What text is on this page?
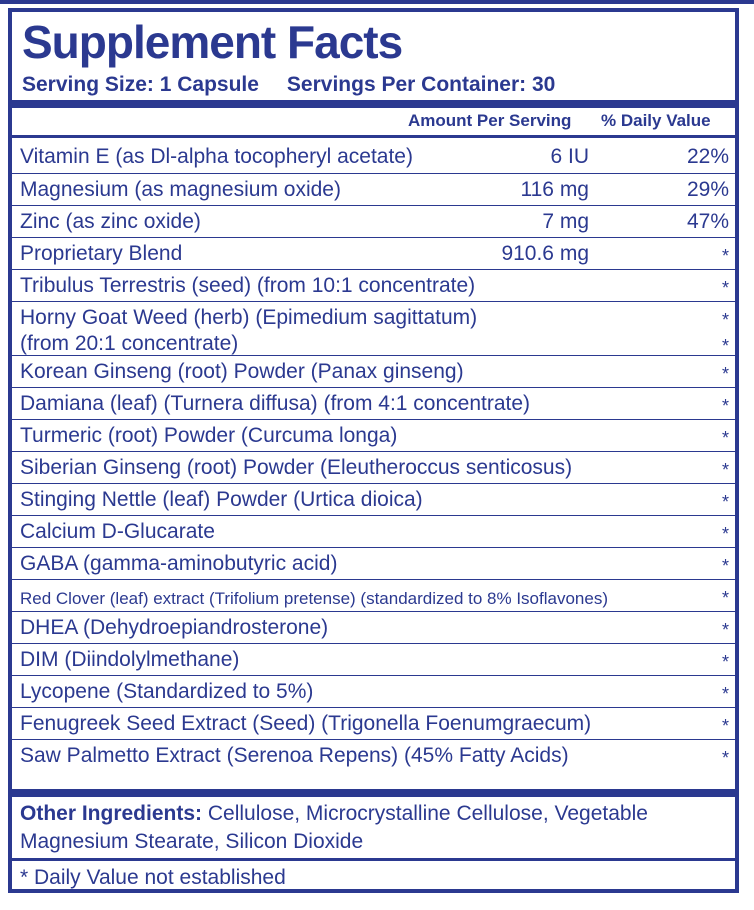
Supplement Facts
Serving Size: 1 Capsule Servings Per Container: 30
Amount Per Serving % Daily Value
Vitamin E (as Dl-alpha tocopheryl acetate)	6 IU	22%
Magnesium (as magnesium oxide)	116 mg	29%
Zinc (as zinc oxide)	7 mg	47%
Proprietary Blend	910.6 mg	*
Tribulus Terrestris (seed) (from 10:1 concentrate)	*
Horny Goat Weed (herb) (Epimedium sagittatum)	*
(from 20:1 concentrate)	*
Korean Ginseng (root) Powder (Panax ginseng)	*
Damiana (leaf) (Turnera diffusa) (from 4:1 concentrate)	*
Turmeric (root) Powder (Curcuma longa)	*
Siberian Ginseng (root) Powder (Eleutheroccus senticosus)	*
Stinging Nettle (leaf) Powder (Urtica dioica)	*
Calcium D-Glucarate	*
GABA (gamma-aminobutyric acid)	*
Red Clover (leaf) extract (Trifolium pretense) (standardized to 8% Isoflavones)	*
DHEA (Dehydroepiandrosterone)	*
DIM (Diindolylmethane)	*
Lycopene (Standardized to 5%)	*
Fenugreek Seed Extract (Seed) (Trigonella Foenumgraecum)	*
Saw Palmetto Extract (Serenoa Repens) (45% Fatty Acids)	*
Other Ingredients: Cellulose, Microcrystalline Cellulose, Vegetable Magnesium Stearate, Silicon Dioxide
* Daily Value not established
